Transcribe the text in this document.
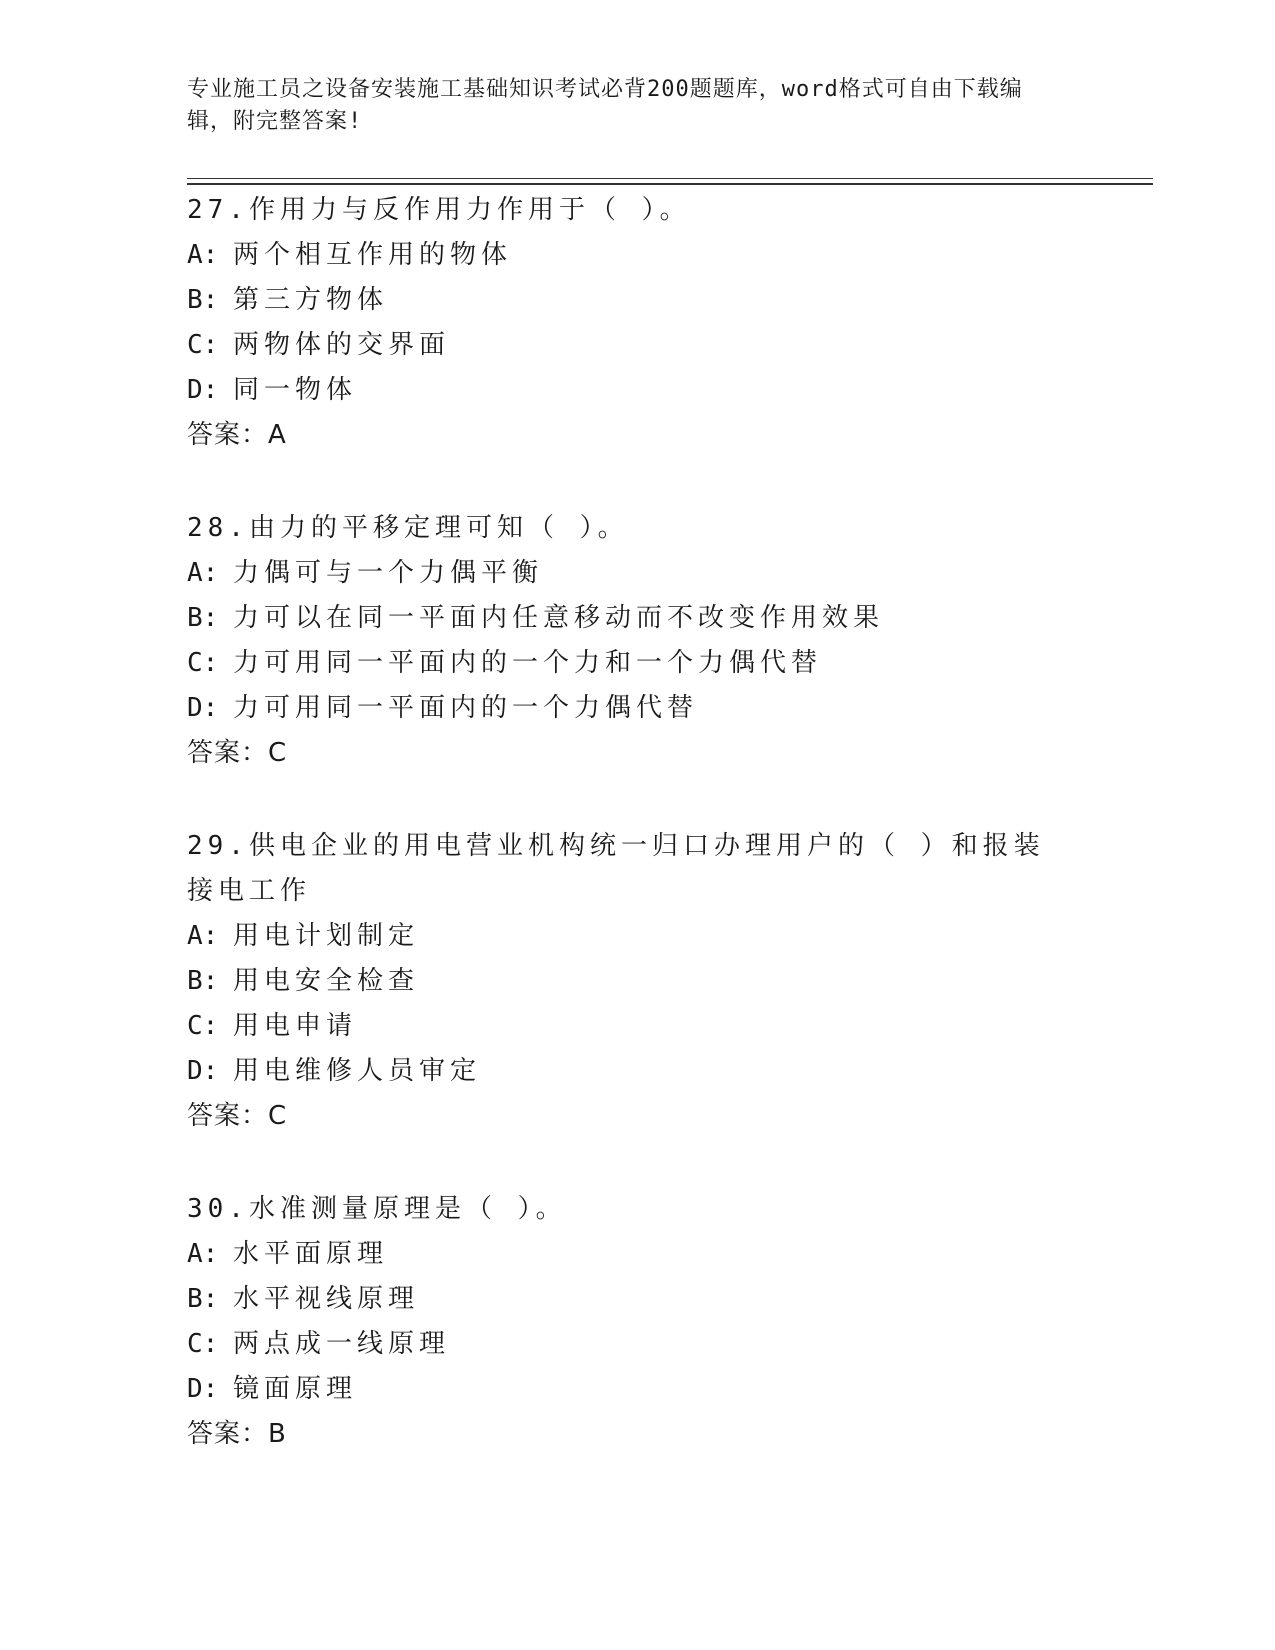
专业施工员之设备安装施工基础知识考试必背200题题库，word格式可自由下载编辑，附完整答案!

27.作用力与反作用力作用于（ ）。

A: 两个相互作用的物体

B: 第三方物体

C: 两物体的交界面

D: 同一物体

答案：A

28.由力的平移定理可知（ ）。

A: 力偶可与一个力偶平衡

B: 力可以在同一平面内任意移动而不改变作用效果

C: 力可用同一平面内的一个力和一个力偶代替

D: 力可用同一平面内的一个力偶代替

答案：C

29.供电企业的用电营业机构统一归口办理用户的（ ）和报装接电工作

A: 用电计划制定

B: 用电安全检查

C: 用电申请

D: 用电维修人员审定

答案：C

30.水准测量原理是（ ）。

A: 水平面原理

B: 水平视线原理

C: 两点成一线原理

D: 镜面原理

答案：B
